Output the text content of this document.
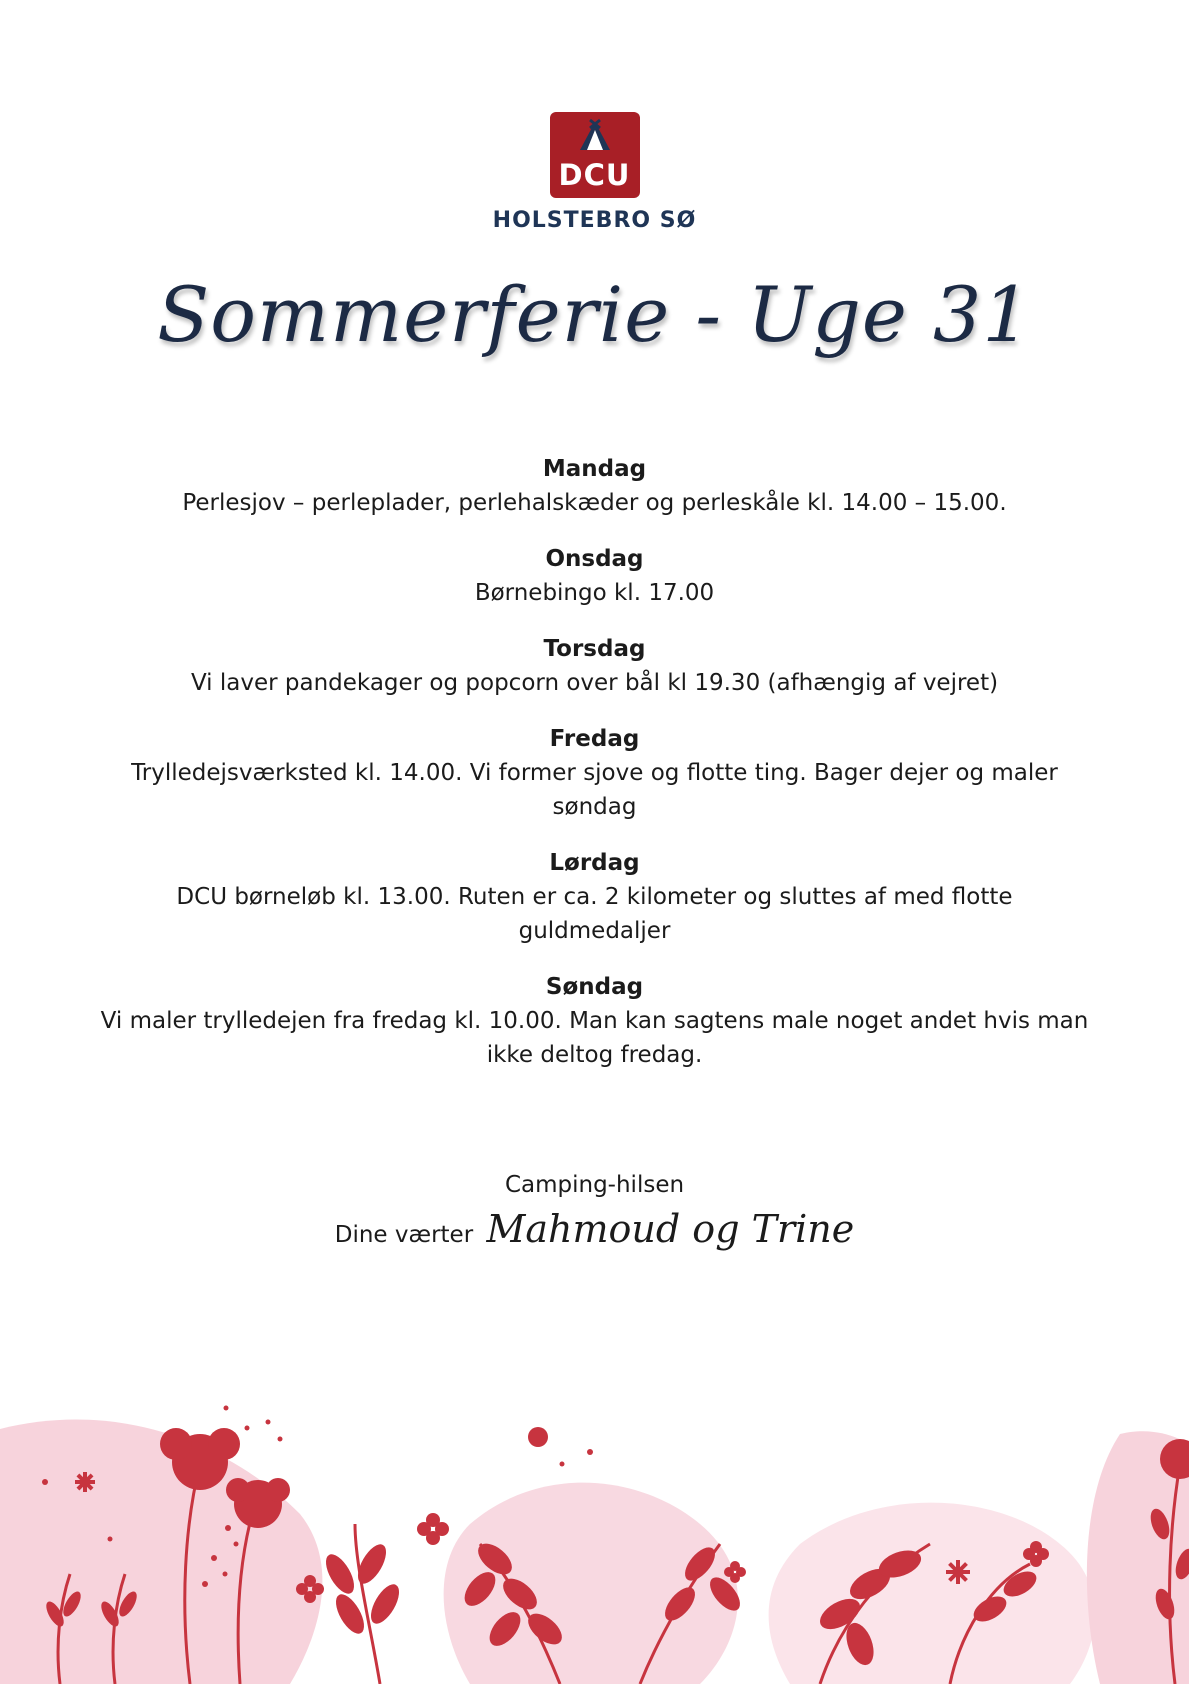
DCU
HOLSTEBRO SØ
Sommerferie - Uge 31
Mandag
Perlesjov – perleplader, perlehalskæder og perleskåle kl. 14.00 – 15.00.
Onsdag
Børnebingo kl. 17.00
Torsdag
Vi laver pandekager og popcorn over bål kl 19.30 (afhængig af vejret)
Fredag
Trylledejsværksted kl. 14.00. Vi former sjove og flotte ting. Bager dejer og maler søndag
Lørdag
DCU børneløb kl. 13.00. Ruten er ca. 2 kilometer og sluttes af med flotte guldmedaljer
Søndag
Vi maler trylledejen fra fredag kl. 10.00. Man kan sagtens male noget andet hvis man ikke deltog fredag.
Camping-hilsen
Dine værter Mahmoud og Trine
